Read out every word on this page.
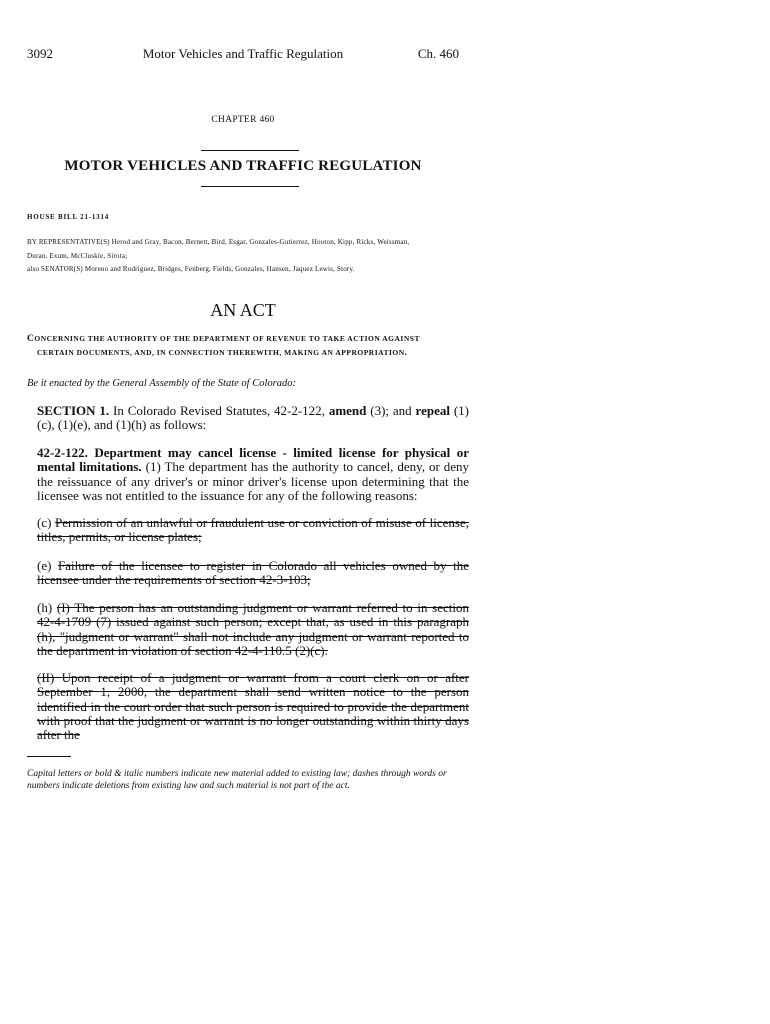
3092	Motor Vehicles and Traffic Regulation	Ch. 460
CHAPTER 460
MOTOR VEHICLES AND TRAFFIC REGULATION
HOUSE BILL 21-1314
BY REPRESENTATIVE(S) Herod and Gray, Bacon, Bernett, Bird, Esgar, Gonzales-Gutierrez, Hooton, Kipp, Ricks, Weissman,
Duran, Exum, McCluskie, Sirota;
also SENATOR(S) Moreno and Rodriguez, Bridges, Fenberg, Fields, Gonzales, Hansen, Jaquez Lewis, Story.
AN ACT
CONCERNING THE AUTHORITY OF THE DEPARTMENT OF REVENUE TO TAKE ACTION AGAINST
CERTAIN DOCUMENTS, AND, IN CONNECTION THEREWITH, MAKING AN APPROPRIATION.
Be it enacted by the General Assembly of the State of Colorado:
SECTION 1. In Colorado Revised Statutes, 42-2-122, amend (3); and repeal (1)(c), (1)(e), and (1)(h) as follows:
42-2-122. Department may cancel license - limited license for physical or mental limitations. (1) The department has the authority to cancel, deny, or deny the reissuance of any driver's or minor driver's license upon determining that the licensee was not entitled to the issuance for any of the following reasons:
(c) Permission of an unlawful or fraudulent use or conviction of misuse of license, titles, permits, or license plates;
(e) Failure of the licensee to register in Colorado all vehicles owned by the licensee under the requirements of section 42-3-103;
(h) (I) The person has an outstanding judgment or warrant referred to in section 42-4-1709 (7) issued against such person; except that, as used in this paragraph (h), "judgment or warrant" shall not include any judgment or warrant reported to the department in violation of section 42-4-110.5 (2)(c).
(II) Upon receipt of a judgment or warrant from a court clerk on or after September 1, 2000, the department shall send written notice to the person identified in the court order that such person is required to provide the department with proof that the judgment or warrant is no longer outstanding within thirty days after the
Capital letters or bold & italic numbers indicate new material added to existing law; dashes through words or numbers indicate deletions from existing law and such material is not part of the act.
